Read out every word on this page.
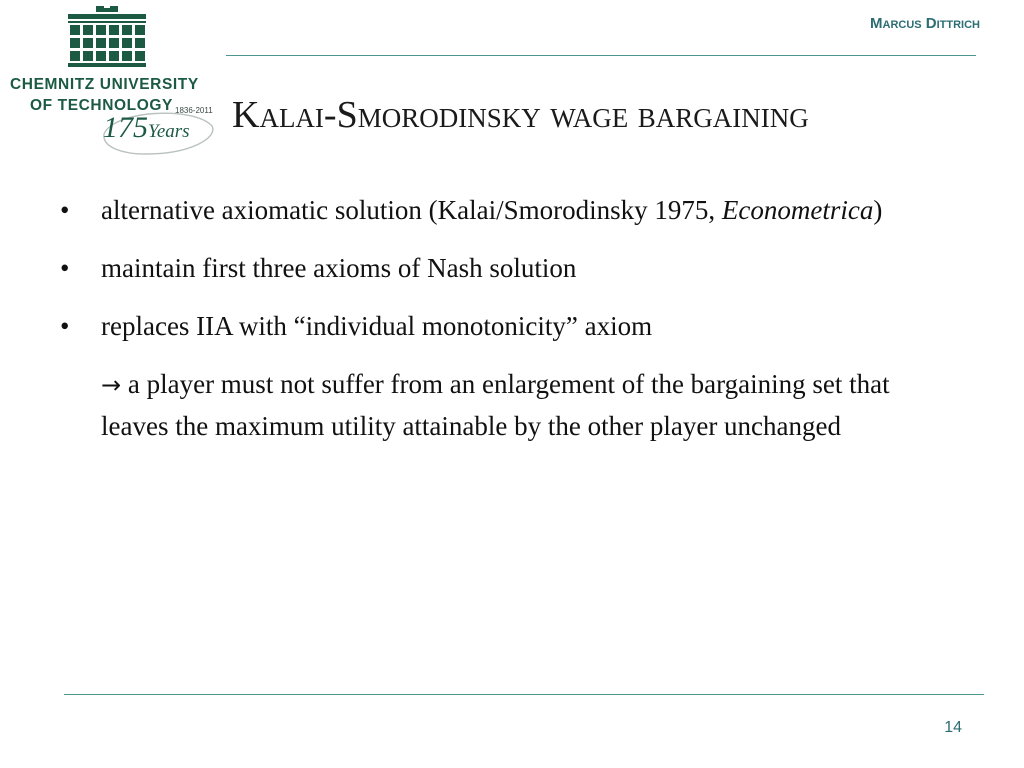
CHEMNITZ UNIVERSITY
OF TECHNOLOGY 1836-2011
175Years
Marcus Dittrich
Kalai-Smorodinsky wage bargaining
• alternative axiomatic solution (Kalai/Smorodinsky 1975, Econometrica)
• maintain first three axioms of Nash solution
• replaces IIA with “individual monotonicity” axiom
→ a player must not suffer from an enlargement of the bargaining set that leaves the maximum utility attainable by the other player unchanged
14
